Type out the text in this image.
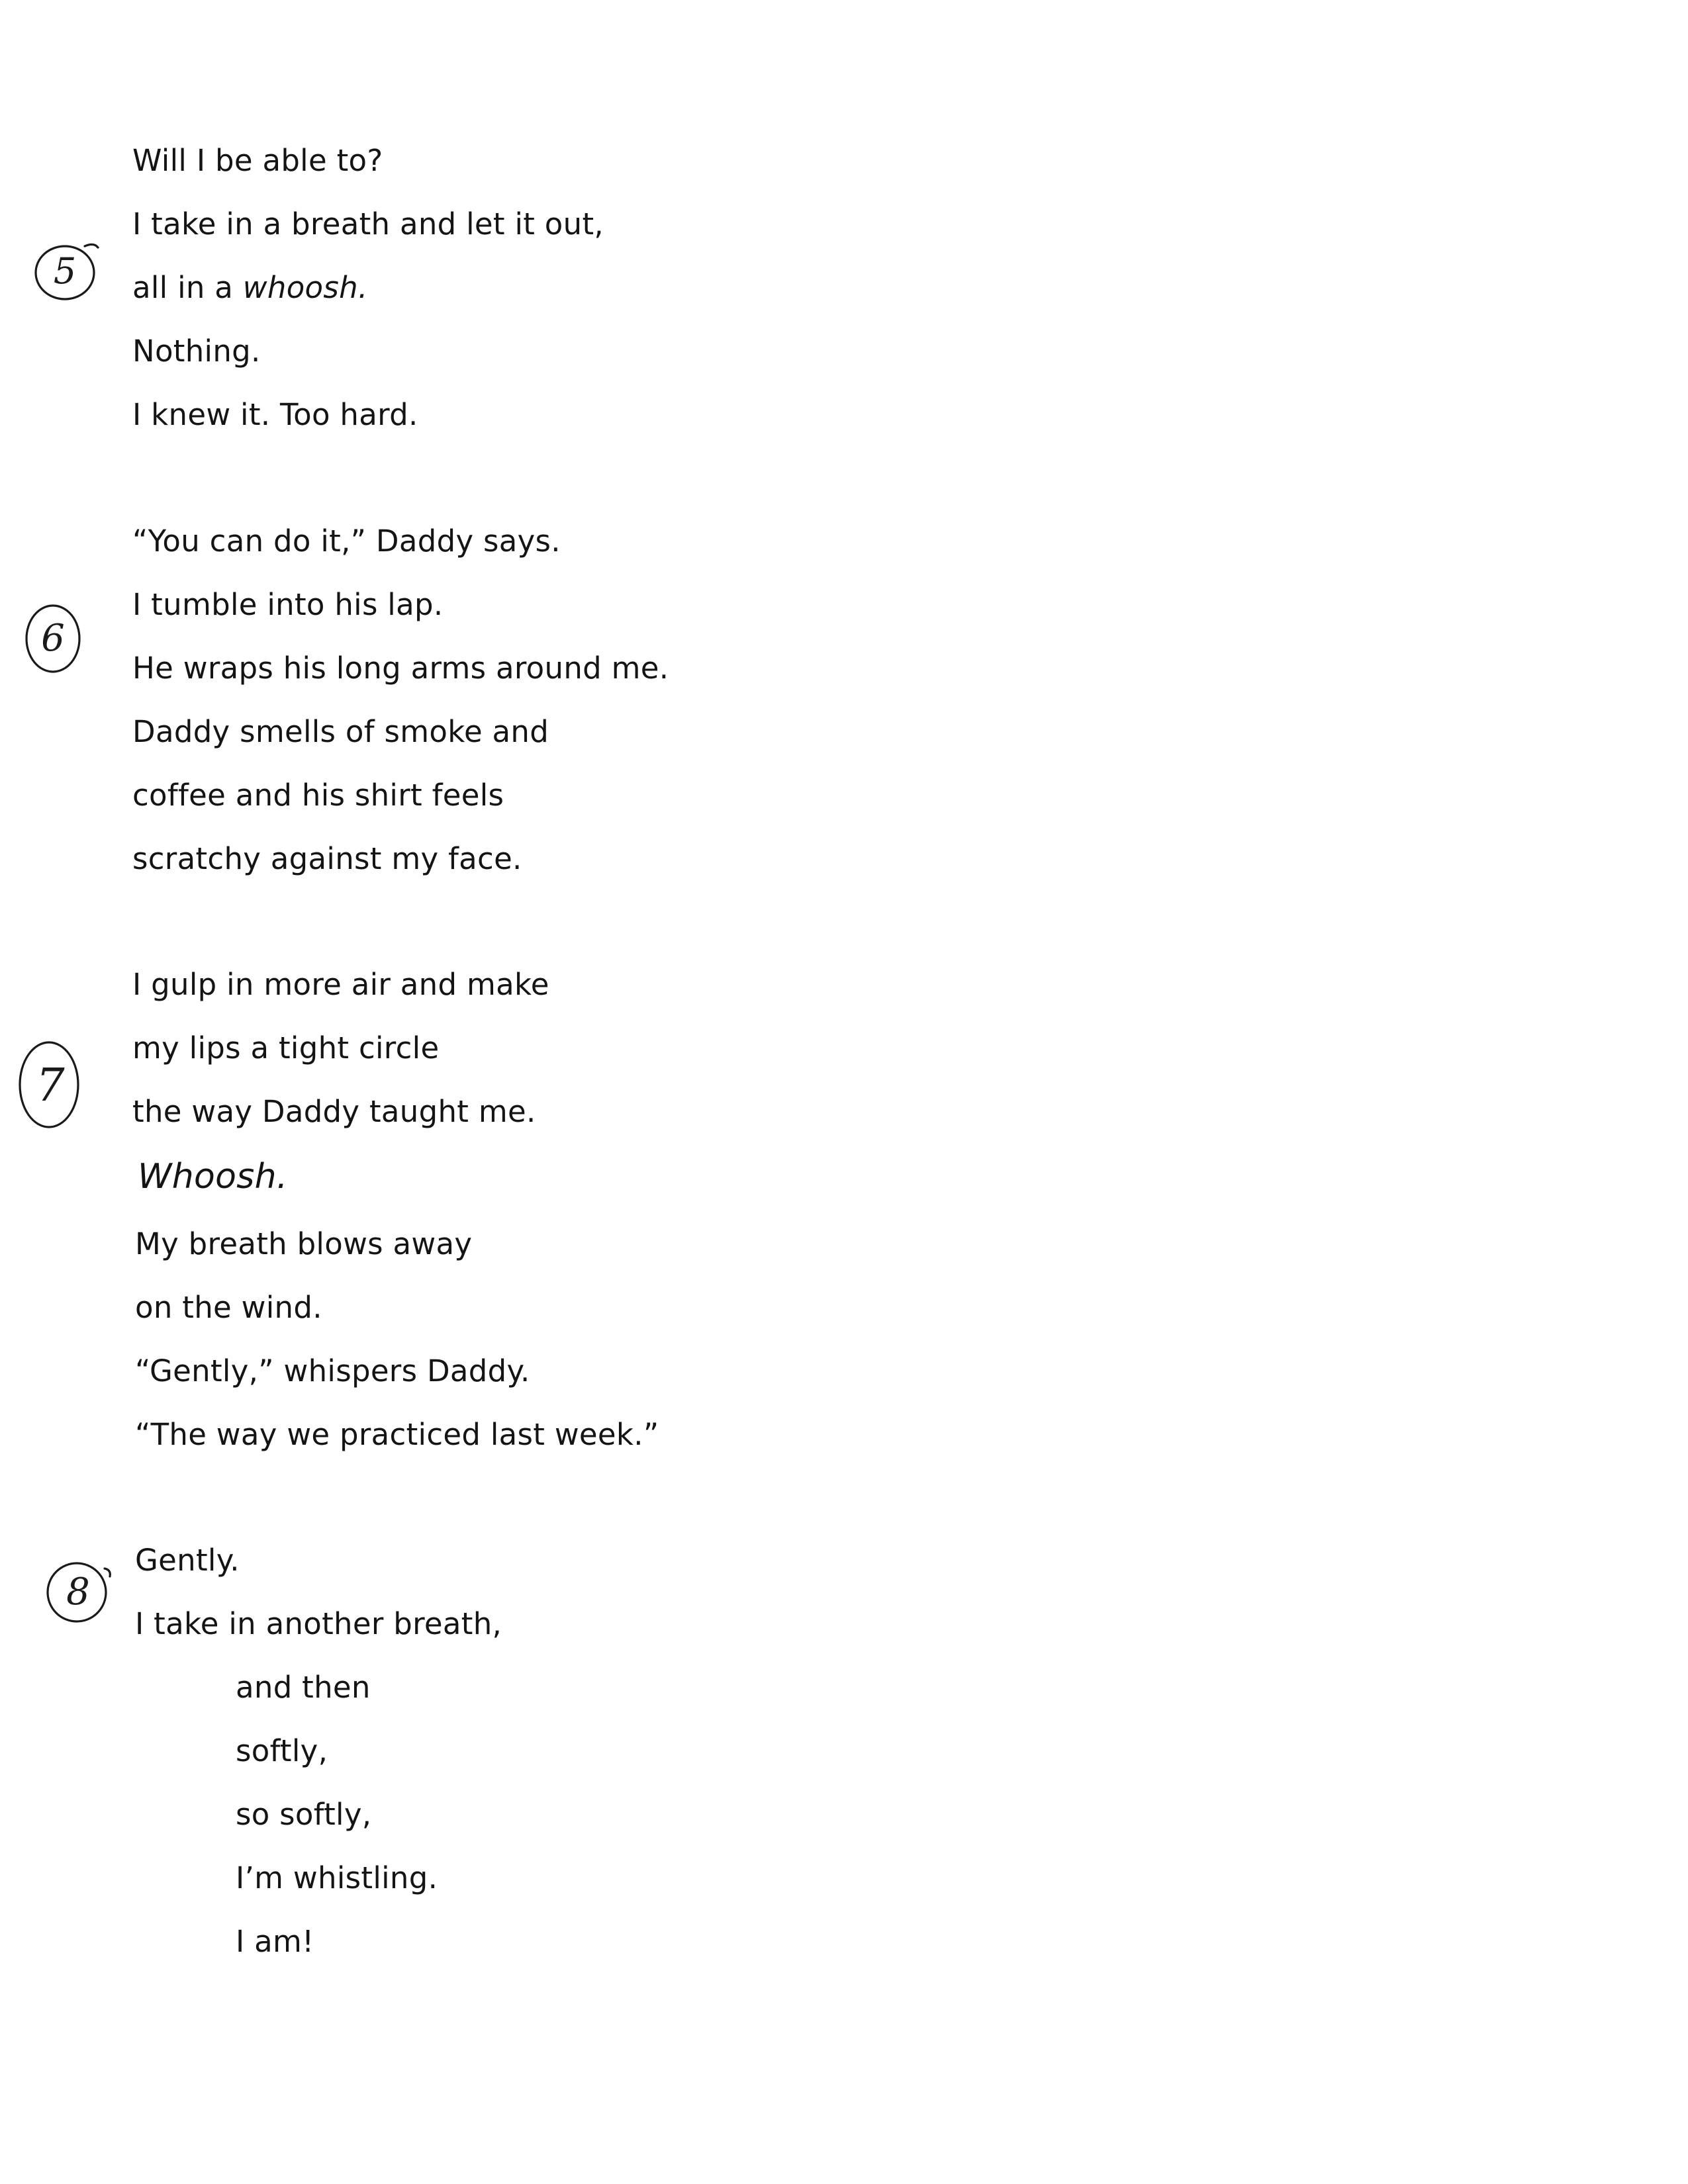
5
Will I be able to?
I take in a breath and let it out,
all in a whoosh.
Nothing.
I knew it. Too hard.
6
“You can do it,” Daddy says.
I tumble into his lap.
He wraps his long arms around me.
Daddy smells of smoke and
coffee and his shirt feels
scratchy against my face.
7
I gulp in more air and make
my lips a tight circle
the way Daddy taught me.
Whoosh.
My breath blows away
on the wind.
“Gently,” whispers Daddy.
“The way we practiced last week.”
8
Gently.
I take in another breath,
and then
softly,
so softly,
I’m whistling.
I am!
